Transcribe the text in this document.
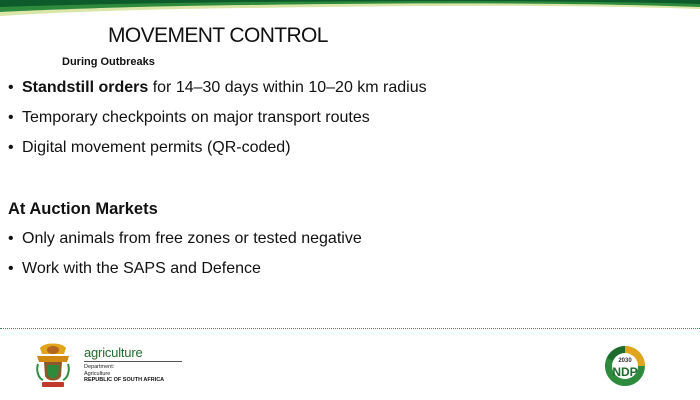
MOVEMENT CONTROL
During Outbreaks
• Standstill orders for 14–30 days within 10–20 km radius
• Temporary checkpoints on major transport routes
• Digital movement permits (QR-coded)
At Auction Markets
• Only animals from free zones or tested negative
• Work with the SAPS and Defence
agriculture
Department:
Agriculture
REPUBLIC OF SOUTH AFRICA
2030
NDP
